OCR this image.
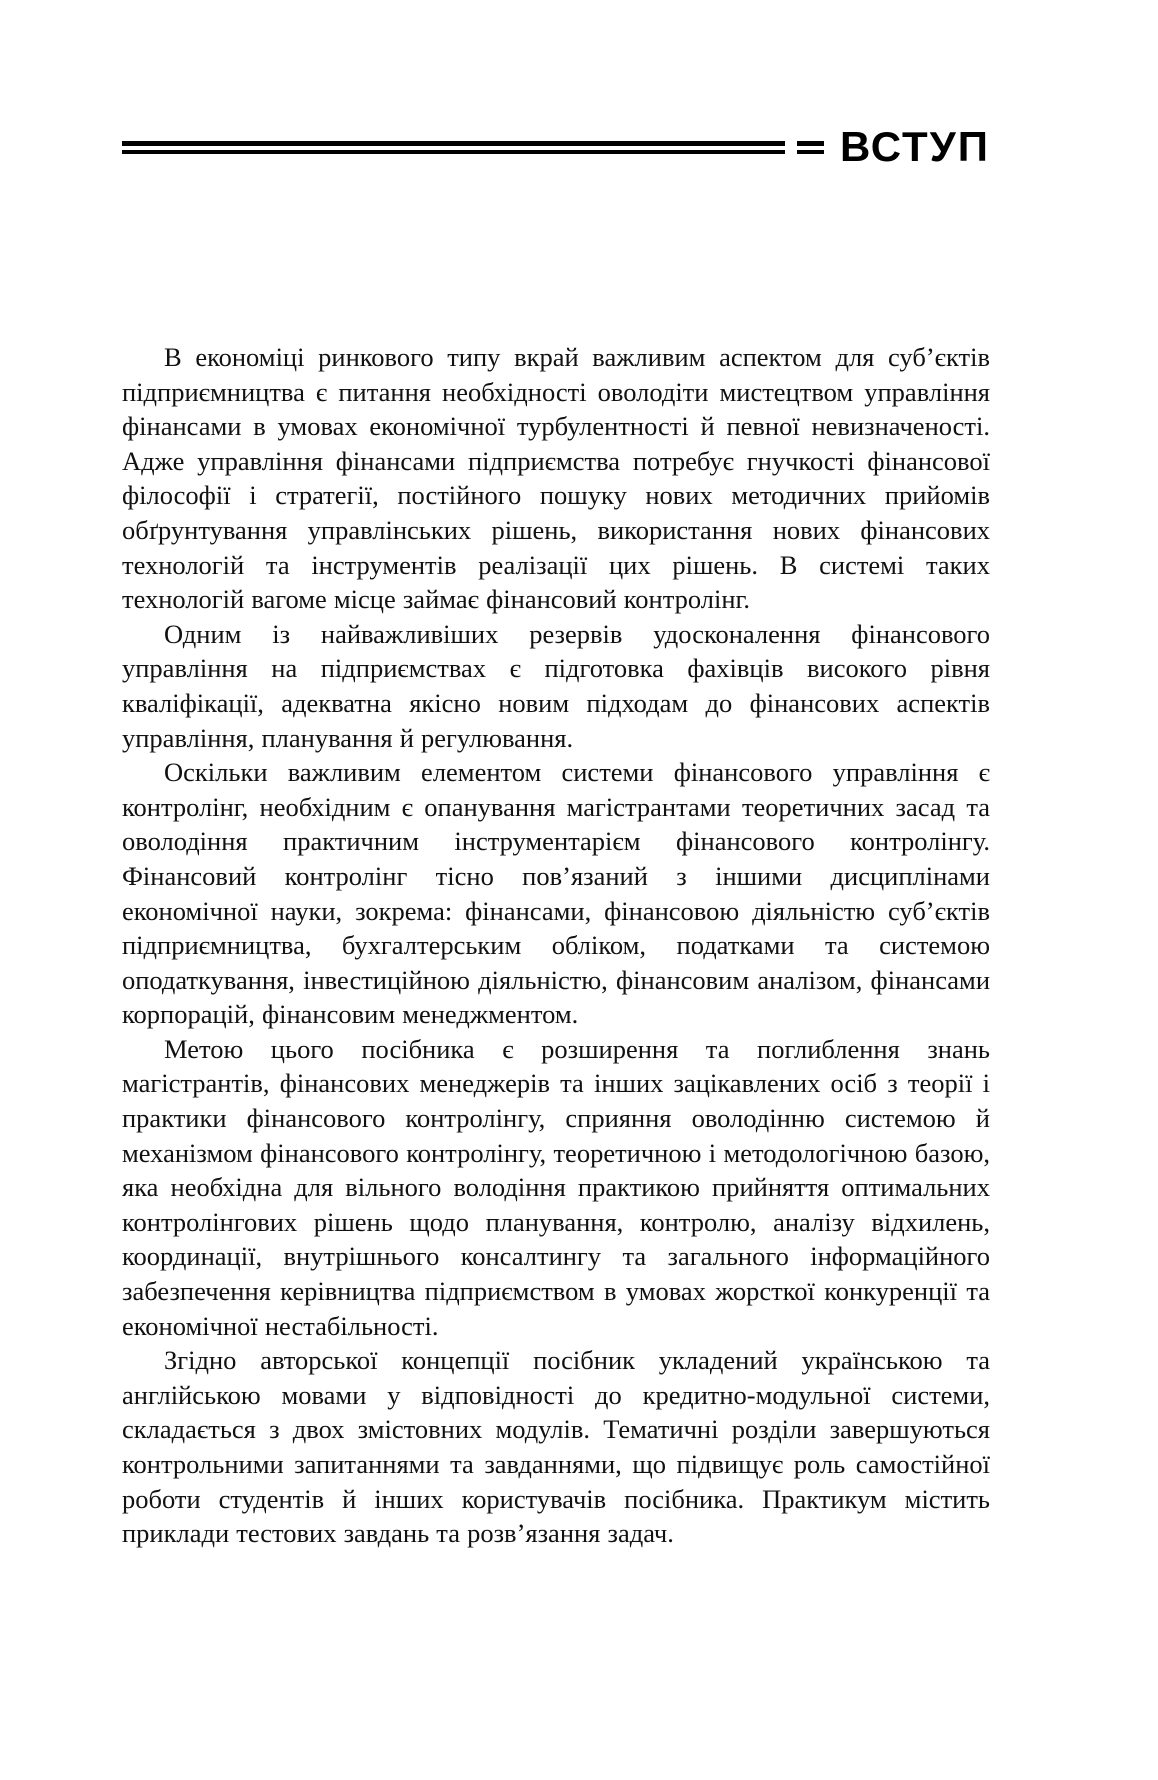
ВСТУП

В економіці ринкового типу вкрай важливим аспектом для суб’єктів підприємництва є питання необхідності оволодіти мистецтвом управління фінансами в умовах економічної турбулентності й певної невизначеності. Адже управління фінансами підприємства потребує гнучкості фінансової філософії і стратегії, постійного пошуку нових методичних прийомів обґрунтування управлінських рішень, використання нових фінансових технологій та інструментів реалізації цих рішень. В системі таких технологій вагоме місце займає фінансовий контролінг.

Одним із найважливіших резервів удосконалення фінансового управління на підприємствах є підготовка фахівців високого рівня кваліфікації, адекватна якісно новим підходам до фінансових аспектів управління, планування й регулювання.

Оскільки важливим елементом системи фінансового управління є контролінг, необхідним є опанування магістрантами теоретичних засад та оволодіння практичним інструментарієм фінансового контролінгу. Фінансовий контролінг тісно пов’язаний з іншими дисциплінами економічної науки, зокрема: фінансами, фінансовою діяльністю суб’єктів підприємництва, бухгалтерським обліком, податками та системою оподаткування, інвестиційною діяльністю, фінансовим аналізом, фінансами корпорацій, фінансовим менеджментом.

Метою цього посібника є розширення та поглиблення знань магістрантів, фінансових менеджерів та інших зацікавлених осіб з теорії і практики фінансового контролінгу, сприяння оволодінню системою й механізмом фінансового контролінгу, теоретичною і методологічною базою, яка необхідна для вільного володіння практикою прийняття оптимальних контролінгових рішень щодо планування, контролю, аналізу відхилень, координації, внутрішнього консалтингу та загального інформаційного забезпечення керівництва підприємством в умовах жорсткої конкуренції та економічної нестабільності.

Згідно авторської концепції посібник укладений українською та англійською мовами у відповідності до кредитно-модульної системи, складається з двох змістовних модулів. Тематичні розділи завершуються контрольними запитаннями та завданнями, що підвищує роль самостійної роботи студентів й інших користувачів посібника. Практикум містить приклади тестових завдань та розв’язання задач.
